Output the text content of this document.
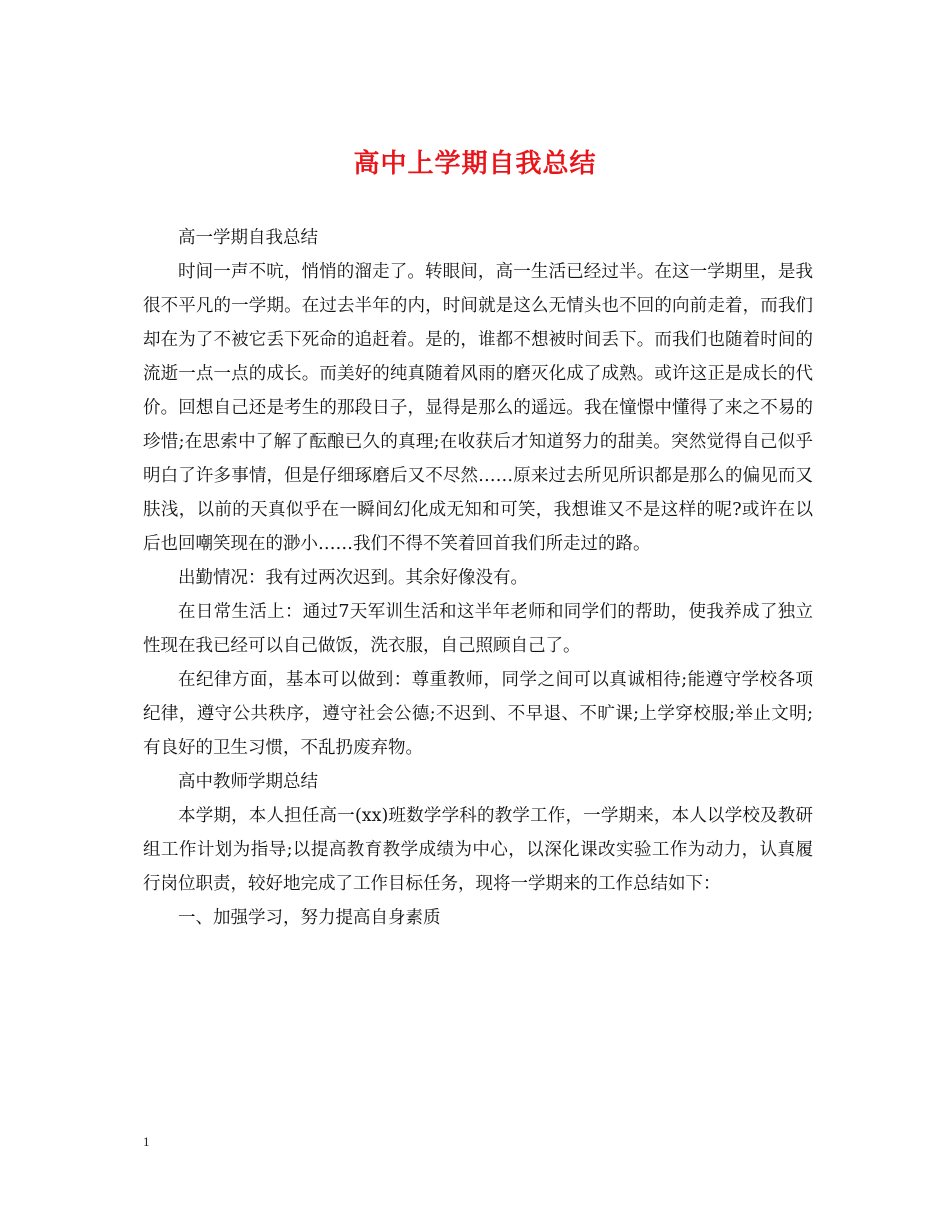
高中上学期自我总结

高一学期自我总结

时间一声不吭，悄悄的溜走了。转眼间，高一生活已经过半。在这一学期里，是我很不平凡的一学期。在过去半年的内，时间就是这么无情头也不回的向前走着，而我们却在为了不被它丢下死命的追赶着。是的，谁都不想被时间丢下。而我们也随着时间的流逝一点一点的成长。而美好的纯真随着风雨的磨灭化成了成熟。或许这正是成长的代价。回想自己还是考生的那段日子，显得是那么的遥远。我在憧憬中懂得了来之不易的珍惜;在思索中了解了酝酿已久的真理;在收获后才知道努力的甜美。突然觉得自己似乎明白了许多事情，但是仔细琢磨后又不尽然……原来过去所见所识都是那么的偏见而又肤浅，以前的天真似乎在一瞬间幻化成无知和可笑，我想谁又不是这样的呢?或许在以后也回嘲笑现在的渺小……我们不得不笑着回首我们所走过的路。

出勤情况：我有过两次迟到。其余好像没有。

在日常生活上：通过7天军训生活和这半年老师和同学们的帮助，使我养成了独立性现在我已经可以自己做饭，洗衣服，自己照顾自己了。

在纪律方面，基本可以做到：尊重教师，同学之间可以真诚相待;能遵守学校各项纪律，遵守公共秩序，遵守社会公德;不迟到、不早退、不旷课;上学穿校服;举止文明; 有良好的卫生习惯，不乱扔废弃物。

高中教师学期总结

本学期，本人担任高一(xx)班数学学科的教学工作，一学期来，本人以学校及教研组工作计划为指导;以提高教育教学成绩为中心，以深化课改实验工作为动力，认真履行岗位职责，较好地完成了工作目标任务，现将一学期来的工作总结如下：

一、加强学习，努力提高自身素质

1
